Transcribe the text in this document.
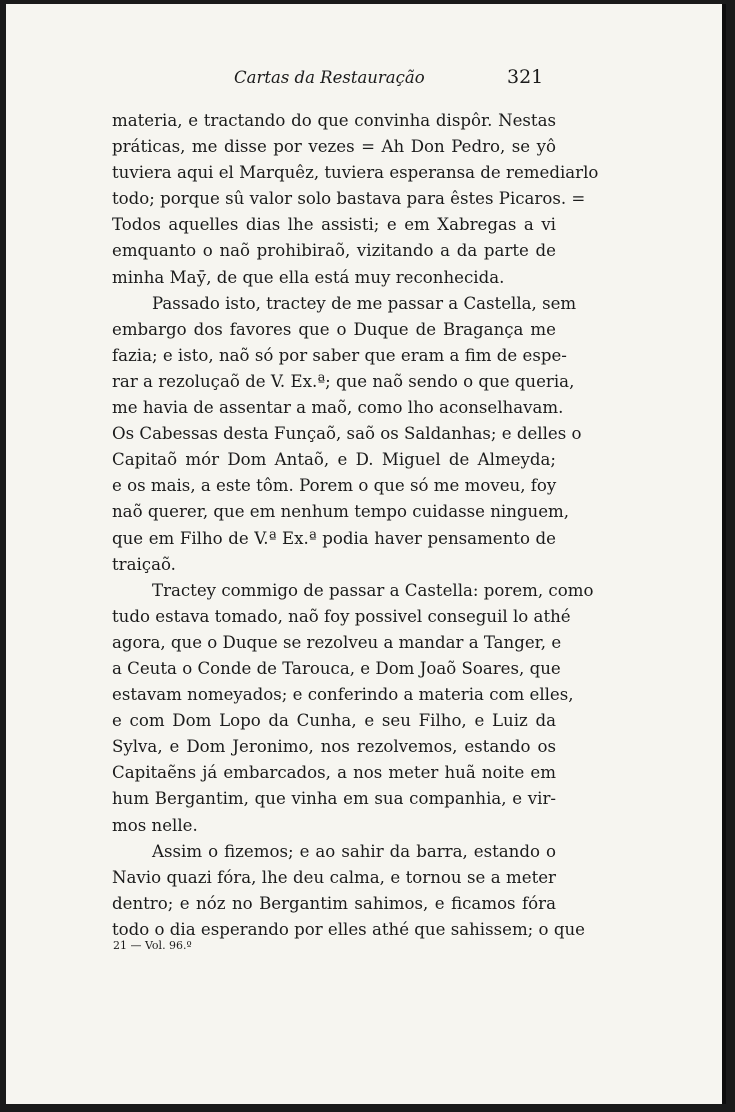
Cartas da Restauração	321

materia, e tractando do que convinha dispôr. Nestas
práticas, me disse por vezes = Ah Don Pedro, se yô
tuviera aqui el Marquêz, tuviera esperansa de remediarlo
todo; porque sû valor solo bastava para êstes Picaros. =
Todos aquelles dias lhe assisti; e em Xabregas a vi
emquanto o naõ prohibiraõ, vizitando a da parte de
minha Maӯ, de que ella está muy reconhecida.

Passado isto, tractey de me passar a Castella, sem
embargo dos favores que o Duque de Bragança me
fazia; e isto, naõ só por saber que eram a fim de espe-
rar a rezoluçaõ de V. Ex.ª; que naõ sendo o que queria,
me havia de assentar a maõ, como lho aconselhavam.
Os Cabessas desta Funçaõ, saõ os Saldanhas; e delles o
Capitaõ mór Dom Antaõ, e D. Miguel de Almeyda;
e os mais, a este tôm. Porem o que só me moveu, foy
naõ querer, que em nenhum tempo cuidasse ninguem,
que em Filho de V.ª Ex.ª podia haver pensamento de
traiçaõ.

Tractey commigo de passar a Castella: porem, como
tudo estava tomado, naõ foy possivel conseguil lo athé
agora, que o Duque se rezolveu a mandar a Tanger, e
a Ceuta o Conde de Tarouca, e Dom Joaõ Soares, que
estavam nomeyados; e conferindo a materia com elles,
e com Dom Lopo da Cunha, e seu Filho, e Luiz da
Sylva, e Dom Jeronimo, nos rezolvemos, estando os
Capitaẽns já embarcados, a nos meter huã noite em
hum Bergantim, que vinha em sua companhia, e vir-
mos nelle.

Assim o fizemos; e ao sahir da barra, estando o
Navio quazi fóra, lhe deu calma, e tornou se a meter
dentro; e nóz no Bergantim sahimos, e ficamos fóra
todo o dia esperando por elles athé que sahissem; o que

21 — Vol. 96.º
